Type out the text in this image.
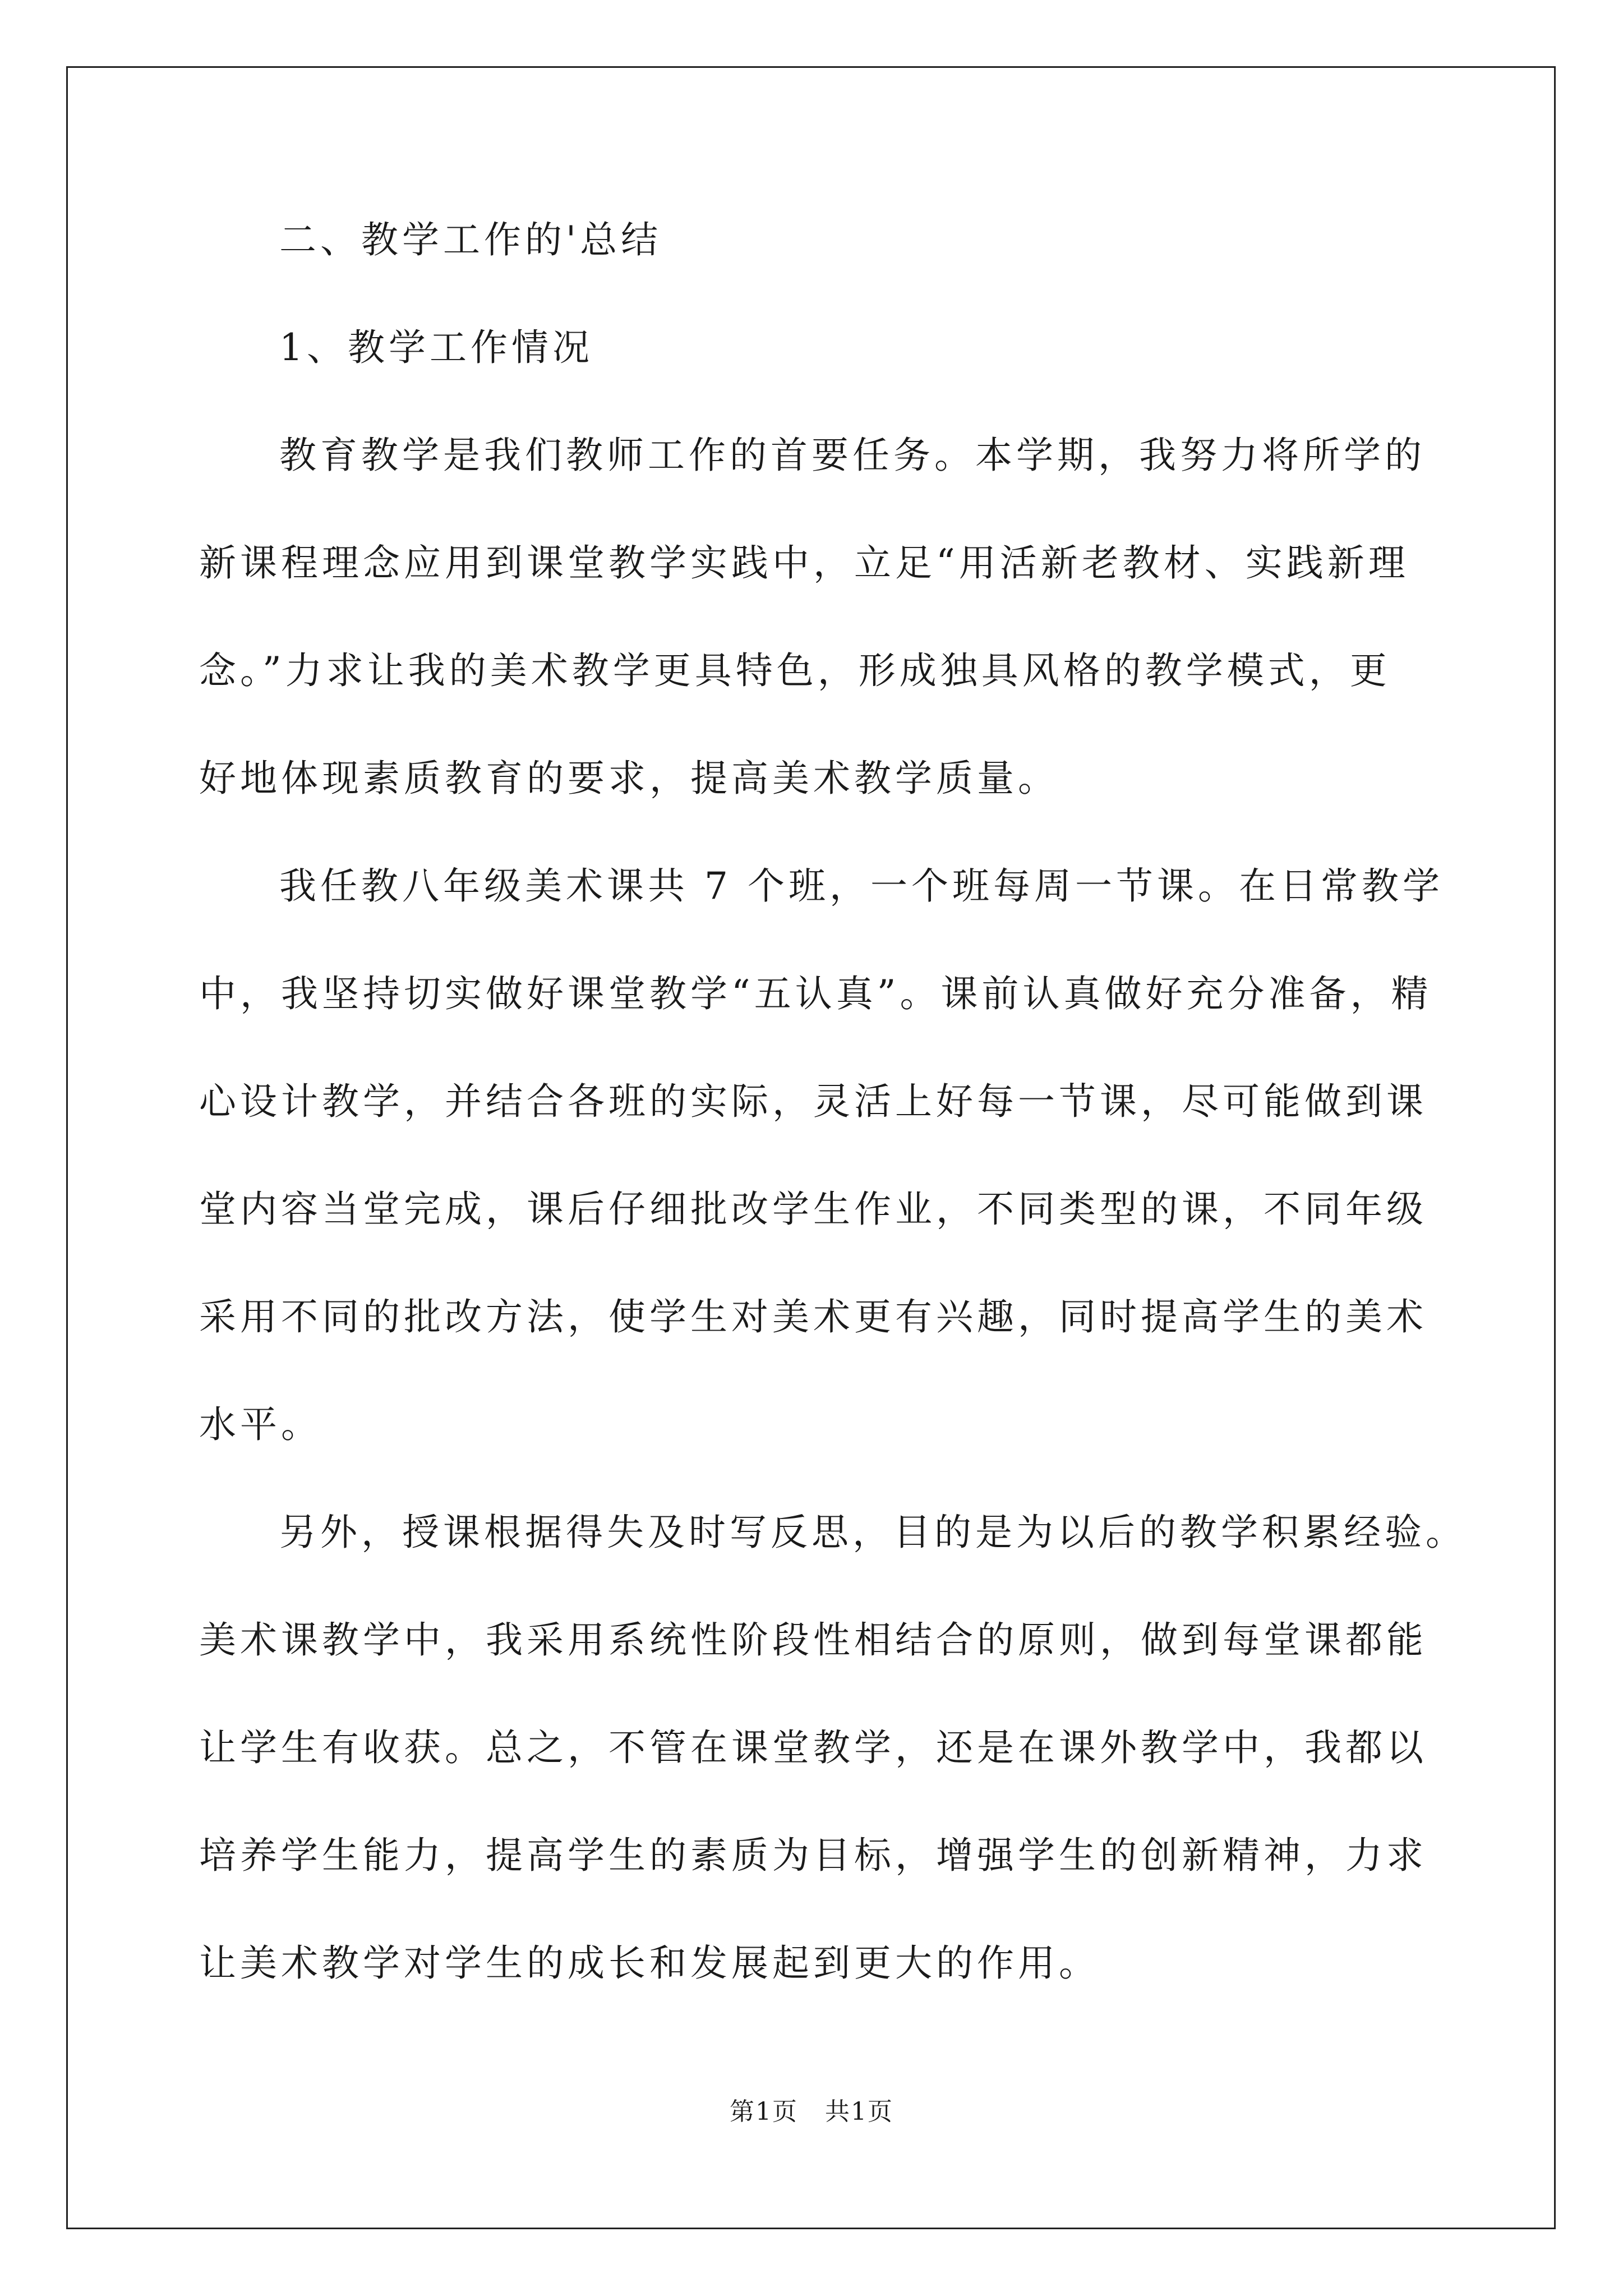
二、教学工作的'总结
1、教学工作情况
教育教学是我们教师工作的首要任务。本学期，我努力将所学的
新课程理念应用到课堂教学实践中，立足“用活新老教材、实践新理
念。”力求让我的美术教学更具特色，形成独具风格的教学模式，更
好地体现素质教育的要求，提高美术教学质量。
我任教八年级美术课共 7 个班，一个班每周一节课。在日常教学
中，我坚持切实做好课堂教学“五认真”。课前认真做好充分准备，精
心设计教学，并结合各班的实际，灵活上好每一节课，尽可能做到课
堂内容当堂完成，课后仔细批改学生作业，不同类型的课，不同年级
采用不同的批改方法，使学生对美术更有兴趣，同时提高学生的美术
水平。
另外，授课根据得失及时写反思，目的是为以后的教学积累经验。
美术课教学中，我采用系统性阶段性相结合的原则，做到每堂课都能
让学生有收获。总之，不管在课堂教学，还是在课外教学中，我都以
培养学生能力，提高学生的素质为目标，增强学生的创新精神，力求
让美术教学对学生的成长和发展起到更大的作用。
第1页 共1页
